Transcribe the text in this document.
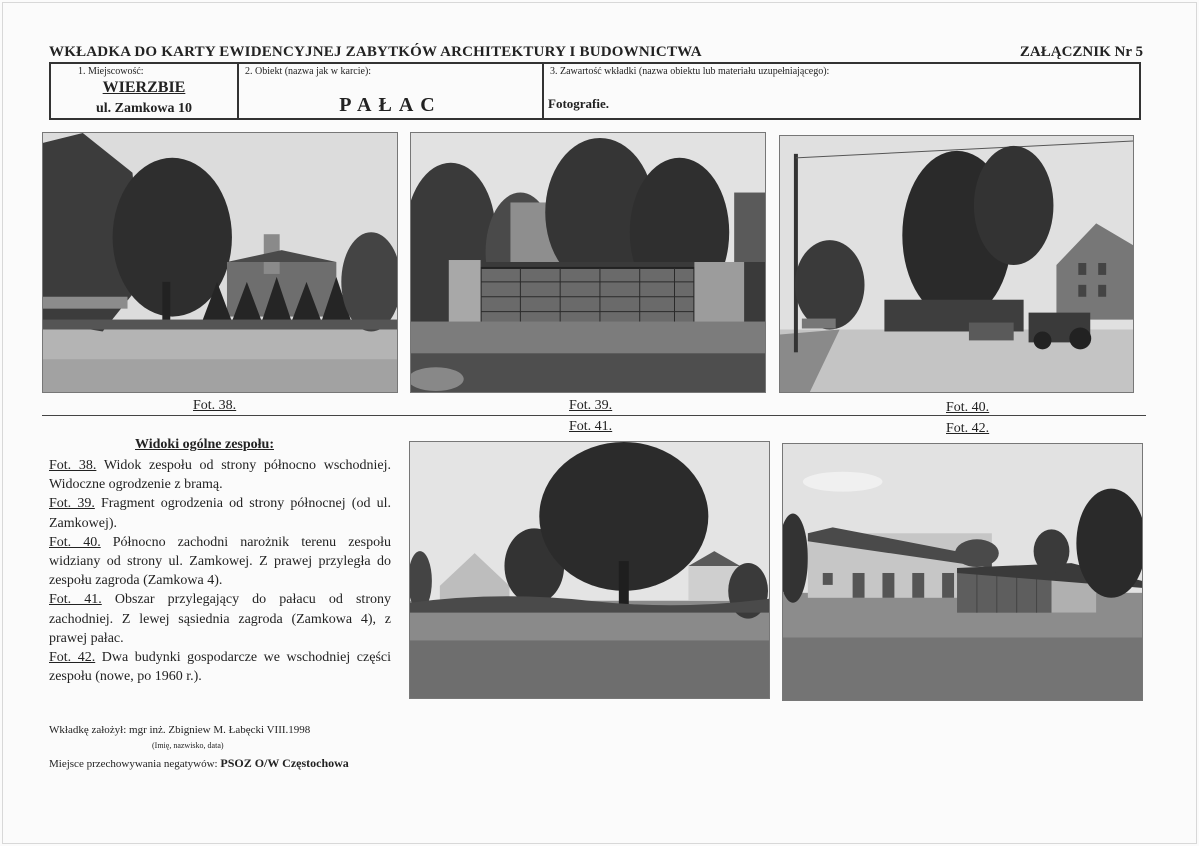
WKŁADKA DO KARTY EWIDENCYJNEJ ZABYTKÓW ARCHITEKTURY I BUDOWNICTWA	ZAŁĄCZNIK Nr 5
1. Miejscowość:
WIERZBIE
ul. Zamkowa 10
2. Obiekt (nazwa jak w karcie):
PAŁAC
3. Zawartość wkładki (nazwa obiektu lub materiału uzupełniającego):
Fotografie.
Fot. 38.	Fot. 39.	Fot. 40.
Fot. 41.	Fot. 42.
Widoki ogólne zespołu:

Fot. 38. Widok zespołu od strony północno wschodniej. Widoczne ogrodzenie z bramą.

Fot. 39. Fragment ogrodzenia od strony północnej (od ul. Zamkowej).

Fot. 40. Północno zachodni narożnik terenu zespołu widziany od strony ul. Zamkowej. Z prawej przyległa do zespołu zagroda (Zamkowa 4).

Fot. 41. Obszar przylegający do pałacu od strony zachodniej. Z lewej sąsiednia zagroda (Zamkowa 4), z prawej pałac.

Fot. 42. Dwa budynki gospodarcze we wschodniej części zespołu (nowe, po 1960 r.).

Wkładkę założył: mgr inż. Zbigniew M. Łabęcki VIII.1998
(Imię, nazwisko, data)
Miejsce przechowywania negatywów: PSOZ O/W Częstochowa
